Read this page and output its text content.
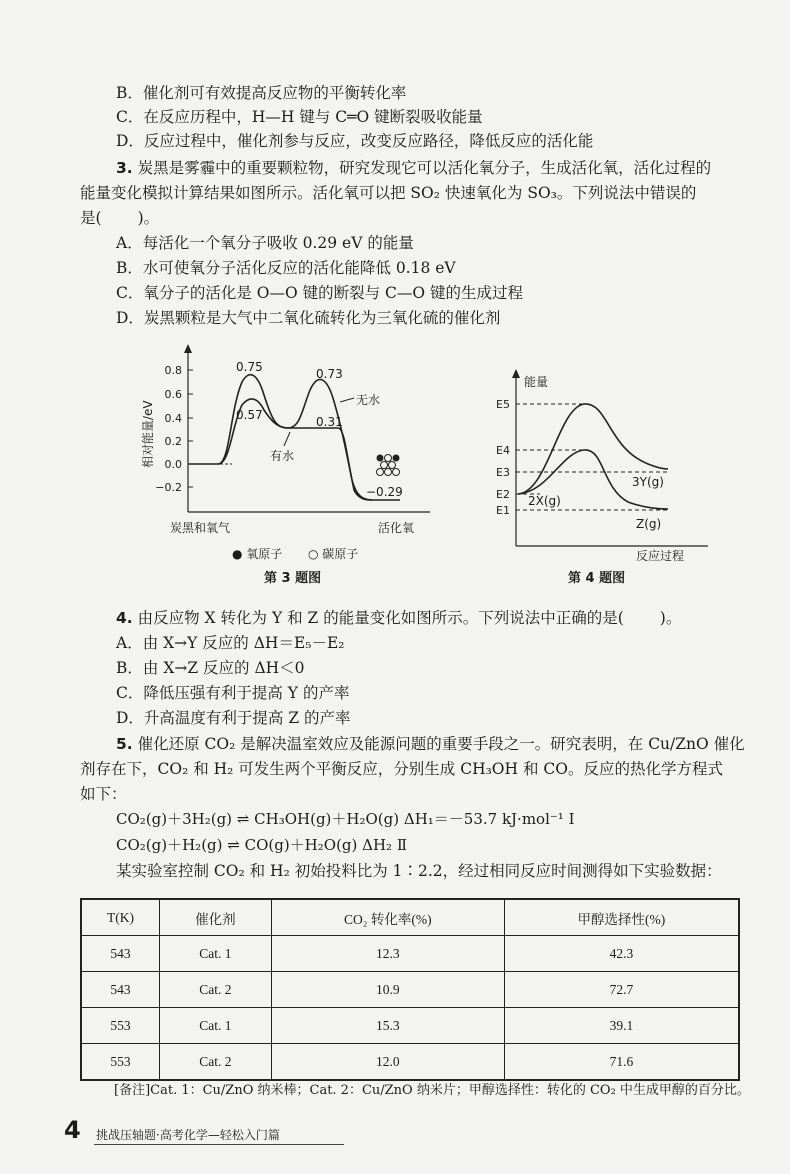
B．催化剂可有效提高反应物的平衡转化率
C．在反应历程中，H—H 键与 C═O 键断裂吸收能量
D．反应过程中，催化剂参与反应，改变反应路径，降低反应的活化能
3. 炭黑是雾霾中的重要颗粒物，研究发现它可以活化氧分子，生成活化氧，活化过程的
能量变化模拟计算结果如图所示。活化氧可以把 SO₂ 快速氧化为 SO₃。下列说法中错误的
是( )。
A．每活化一个氧分子吸收 0.29 eV 的能量
B．水可使氧分子活化反应的活化能降低 0.18 eV
C．氧分子的活化是 O—O 键的断裂与 C—O 键的生成过程
D．炭黑颗粒是大气中二氧化硫转化为三氧化硫的催化剂
0.8
0.6
0.4
0.2
0.0
−0.2
相对能量/eV
0.75
0.57
0.73
0.31
−0.29
无水
有水
炭黑和氧气	活化氧
● 氧原子 ○ 碳原子
第 3 题图
能量
E5
E4
E3
E2
E1
2X(g)
3Y(g)
Z(g)
反应过程
第 4 题图
4. 由反应物 X 转化为 Y 和 Z 的能量变化如图所示。下列说法中正确的是( )。
A．由 X→Y 反应的 ΔH＝E₅－E₂
B．由 X→Z 反应的 ΔH＜0
C．降低压强有利于提高 Y 的产率
D．升高温度有利于提高 Z 的产率
5. 催化还原 CO₂ 是解决温室效应及能源问题的重要手段之一。研究表明，在 Cu/ZnO 催化
剂存在下，CO₂ 和 H₂ 可发生两个平衡反应，分别生成 CH₃OH 和 CO。反应的热化学方程式
如下：
CO₂(g)＋3H₂(g) ⇌ CH₃OH(g)＋H₂O(g) ΔH₁＝－53.7 kJ·mol⁻¹ Ⅰ
CO₂(g)＋H₂(g) ⇌ CO(g)＋H₂O(g) ΔH₂ Ⅱ
某实验室控制 CO₂ 和 H₂ 初始投料比为 1∶2.2，经过相同反应时间测得如下实验数据：
T(K)	催化剂	CO₂ 转化率(%)	甲醇选择性(%)
543	Cat. 1	12.3	42.3
543	Cat. 2	10.9	72.7
553	Cat. 1	15.3	39.1
553	Cat. 2	12.0	71.6
[备注]Cat. 1：Cu/ZnO 纳米棒；Cat. 2：Cu/ZnO 纳米片；甲醇选择性：转化的 CO₂ 中生成甲醇的百分比。
4 挑战压轴题·高考化学—轻松入门篇
